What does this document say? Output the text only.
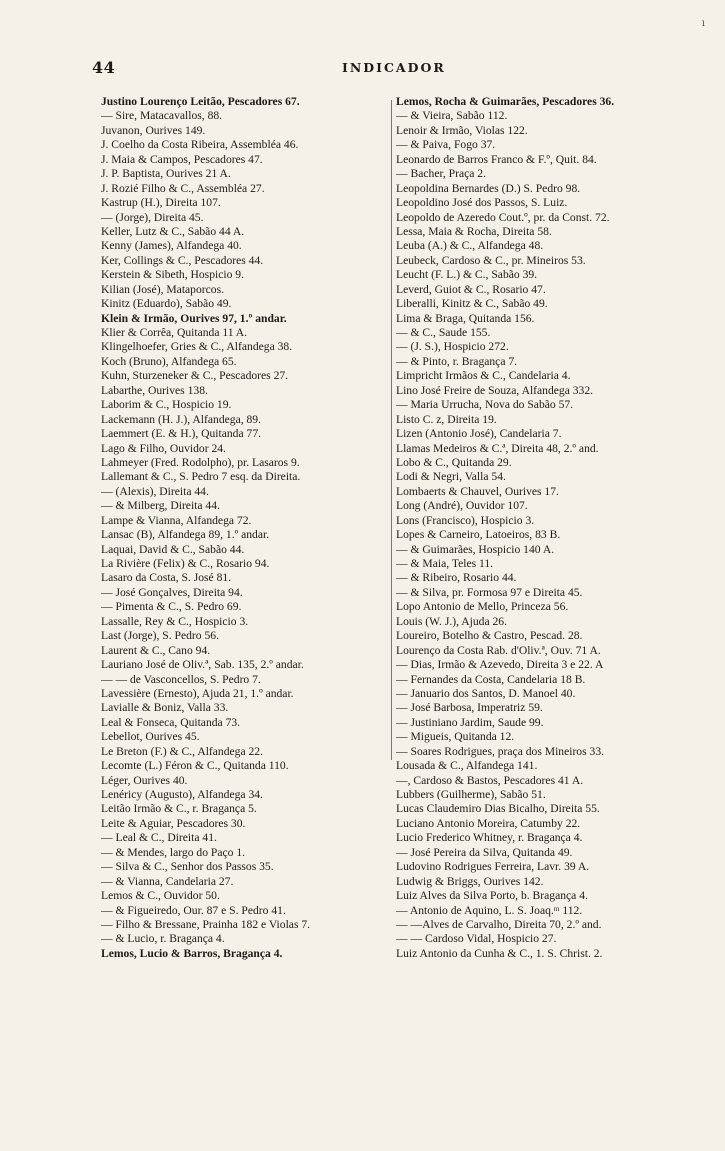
ı
44	INDICADOR
Justino Lourenço Leitão, Pescadores 67.
— Sire, Matacavallos, 88.
Juvanon, Ourives 149.
J. Coelho da Costa Ribeira, Assembléa 46.
J. Maia & Campos, Pescadores 47.
J. P. Baptista, Ourives 21 A.
J. Rozié Filho & C., Assembléa 27.
Kastrup (H.), Direita 107.
— (Jorge), Direita 45.
Keller, Lutz & C., Sabão 44 A.
Kenny (James), Alfandega 40.
Ker, Collings & C., Pescadores 44.
Kerstein & Sibeth, Hospicio 9.
Kilian (José), Mataporcos.
Kinitz (Eduardo), Sabão 49.
Klein & Irmão, Ourives 97, 1.º andar.
Klier & Corrêa, Quitanda 11 A.
Klingelhoefer, Gries & C., Alfandega 38.
Koch (Bruno), Alfandega 65.
Kuhn, Sturzeneker & C., Pescadores 27.
Labarthe, Ourives 138.
Laborim & C., Hospicio 19.
Lackemann (H. J.), Alfandega, 89.
Laemmert (E. & H.), Quitanda 77.
Lago & Filho, Ouvidor 24.
Lahmeyer (Fred. Rodolpho), pr. Lasaros 9.
Lallemant & C., S. Pedro 7 esq. da Direita.
— (Alexis), Direita 44.
— & Milberg, Direita 44.
Lampe & Vianna, Alfandega 72.
Lansac (B), Alfandega 89, 1.º andar.
Laquai, David & C., Sabão 44.
La Rivière (Felix) & C., Rosario 94.
Lasaro da Costa, S. José 81.
— José Gonçalves, Direita 94.
— Pimenta & C., S. Pedro 69.
Lassalle, Rey & C., Hospicio 3.
Last (Jorge), S. Pedro 56.
Laurent & C., Cano 94.
Lauriano José de Oliv.ª, Sab. 135, 2.º andar.
— — de Vasconcellos, S. Pedro 7.
Lavessière (Ernesto), Ajuda 21, 1.º andar.
Lavialle & Boniz, Valla 33.
Leal & Fonseca, Quitanda 73.
Lebellot, Ourives 45.
Le Breton (F.) & C., Alfandega 22.
Lecomte (L.) Féron & C., Quitanda 110.
Léger, Ourives 40.
Lenéricy (Augusto), Alfandega 34.
Leitão Irmão & C., r. Bragança 5.
Leite & Aguiar, Pescadores 30.
— Leal & C., Direita 41.
— & Mendes, largo do Paço 1.
— Silva & C., Senhor dos Passos 35.
— & Vianna, Candelaria 27.
Lemos & C., Ouvidor 50.
— & Figueiredo, Our. 87 e S. Pedro 41.
— Filho & Bressane, Prainha 182 e Violas 7.
— & Lucio, r. Bragança 4.
Lemos, Lucio & Barros, Bragança 4.
Lemos, Rocha & Guimarães, Pescadores 36.
— & Vieira, Sabão 112.
Lenoir & Irmão, Violas 122.
— & Paiva, Fogo 37.
Leonardo de Barros Franco & F.º, Quit. 84.
— Bacher, Praça 2.
Leopoldina Bernardes (D.) S. Pedro 98.
Leopoldino José dos Passos, S. Luiz.
Leopoldo de Azeredo Cout.º, pr. da Const. 72.
Lessa, Maia & Rocha, Direita 58.
Leuba (A.) & C., Alfandega 48.
Leubeck, Cardoso & C., pr. Mineiros 53.
Leucht (F. L.) & C., Sabão 39.
Leverd, Guiot & C., Rosario 47.
Liberalli, Kinitz & C., Sabão 49.
Lima & Braga, Quitanda 156.
— & C., Saude 155.
— (J. S.), Hospicio 272.
— & Pinto, r. Bragança 7.
Limpricht Irmãos & C., Candelaria 4.
Lino José Freire de Souza, Alfandega 332.
— Maria Urrucha, Nova do Sabão 57.
Listo C. z, Direita 19.
Lizen (Antonio José), Candelaria 7.
Llamas Medeiros & C.ª, Direita 48, 2.º and.
Lobo & C., Quitanda 29.
Lodi & Negri, Valla 54.
Lombaerts & Chauvel, Ourives 17.
Long (André), Ouvidor 107.
Lons (Francisco), Hospicio 3.
Lopes & Carneiro, Latoeiros, 83 B.
— & Guimarães, Hospicio 140 A.
— & Maia, Teles 11.
— & Ribeiro, Rosario 44.
— & Silva, pr. Formosa 97 e Direita 45.
Lopo Antonio de Mello, Princeza 56.
Louis (W. J.), Ajuda 26.
Loureiro, Botelho & Castro, Pescad. 28.
Lourenço da Costa Rab. d'Oliv.ª, Ouv. 71 A.
— Dias, Irmão & Azevedo, Direita 3 e 22. A
— Fernandes da Costa, Candelaria 18 B.
— Januario dos Santos, D. Manoel 40.
— José Barbosa, Imperatriz 59.
— Justiniano Jardim, Saude 99.
— Migueis, Quitanda 12.
— Soares Rodrigues, praça dos Mineiros 33.
Lousada & C., Alfandega 141.
—, Cardoso & Bastos, Pescadores 41 A.
Lubbers (Guilherme), Sabão 51.
Lucas Claudemiro Dias Bicalho, Direita 55.
Luciano Antonio Moreira, Catumby 22.
Lucio Frederico Whitney, r. Bragança 4.
— José Pereira da Silva, Quitanda 49.
Ludovino Rodrigues Ferreira, Lavr. 39 A.
Ludwig & Briggs, Ourives 142.
Luiz Alves da Silva Porto, b. Bragança 4.
— Antonio de Aquino, L. S. Joaq.ᵐ 112.
— —Alves de Carvalho, Direita 70, 2.º and.
— — Cardoso Vidal, Hospicio 27.
Luiz Antonio da Cunha & C., 1. S. Christ. 2.
